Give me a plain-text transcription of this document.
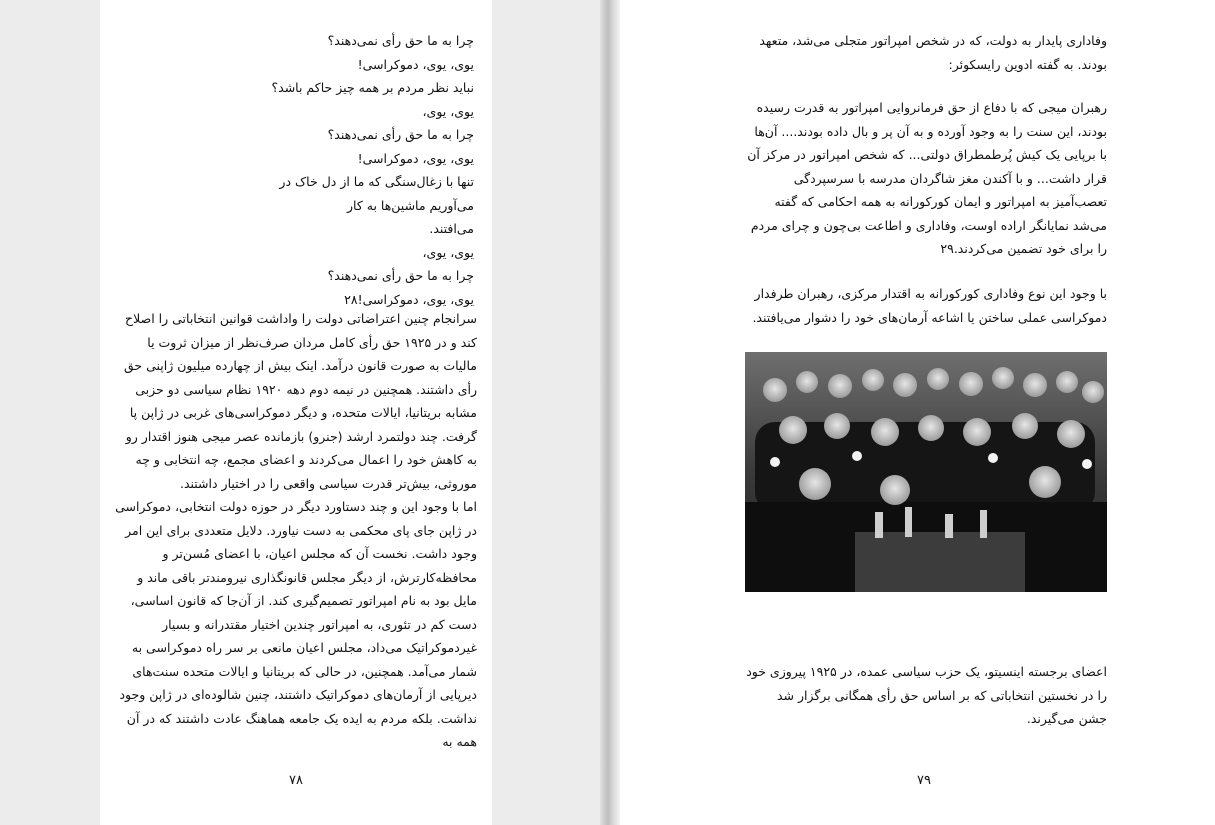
چرا به ما حق رأی نمی‌دهند؟

یوی، یوی، دموکراسی!

نباید نظر مردم بر همه چیز حاکم باشد؟

یوی، یوی،

چرا به ما حق رأی نمی‌دهند؟

یوی، یوی، دموکراسی!

تنها با زغال‌سنگی که ما از دل خاک در می‌آوریم ماشین‌ها به کار

می‌افتند.

یوی، یوی،

چرا به ما حق رأی نمی‌دهند؟

یوی، یوی، دموکراسی!۲۸

سرانجام چنین اعتراضاتی دولت را واداشت قوانین انتخاباتی را اصلاح کند و در ۱۹۲۵ حق رأی کامل مردان صرف‌نظر از میزان ثروت یا مالیات به صورت قانون درآمد. اینک بیش از چهارده میلیون ژاپنی حق رأی داشتند. همچنین در نیمه دوم دهه ۱۹۲۰ نظام سیاسی دو حزبی مشابه بریتانیا، ایالات متحده، و دیگر دموکراسی‌های غربی در ژاپن پا گرفت. چند دولتمرد ارشد (جنرو) بازمانده عصر میجی هنوز اقتدار رو به کاهش خود را اعمال می‌کردند و اعضای مجمع، چه انتخابی و چه موروثی، بیش‌تر قدرت سیاسی واقعی را در اختیار داشتند.

اما با وجود این و چند دستاورد دیگر در حوزه دولت انتخابی، دموکراسی در ژاپن جای پای محکمی به دست نیاورد. دلایل متعددی برای این امر وجود داشت. نخست آن که مجلس اعیان، با اعضای مُسن‌تر و محافظه‌کارترش، از دیگر مجلس قانونگذاری نیرومندتر باقی ماند و مایل بود به نام امپراتور تصمیم‌گیری کند. از آن‌جا که قانون اساسی، دست کم در تئوری، به امپراتور چندین اختیار مقتدرانه و بسیار غیردموکراتیک می‌داد، مجلس اعیان مانعی بر سر راه دموکراسی به شمار می‌آمد. همچنین، در حالی که بریتانیا و ایالات متحده سنت‌های دیرپایی از آرمان‌های دموکراتیک داشتند، چنین شالوده‌ای در ژاپن وجود نداشت. بلکه مردم به ایده یک جامعه هماهنگ عادت داشتند که در آن همه به

۷۸

وفاداری پایدار به دولت، که در شخص امپراتور متجلی می‌شد، متعهد بودند. به گفته ادوین رایسکوئر:

رهبران میجی که با دفاع از حق فرمانروایی امپراتور به قدرت رسیده بودند، این سنت را به وجود آورده و به آن پر و بال داده بودند.... آن‌ها با برپایی یک کیش پُرطمطراق دولتی... که شخص امپراتور در مرکز آن قرار داشت... و با آکندن مغز شاگردان مدرسه با سرسپردگی تعصب‌آمیز به امپراتور و ایمان کورکورانه به همه احکامی که گفته می‌شد نمایانگر اراده اوست، وفاداری و اطاعت بی‌چون و چرای مردم را برای خود تضمین می‌کردند.۲۹

با وجود این نوع وفاداری کورکورانه به اقتدار مرکزی، رهبران طرفدار دموکراسی عملی ساختن یا اشاعه آرمان‌های خود را دشوار می‌یافتند.

اعضای برجسته اینسیتو، یک حزب سیاسی عمده، در ۱۹۲۵ پیروزی خود را در نخستین انتخاباتی که بر اساس حق رأی همگانی برگزار شد جشن می‌گیرند.

۷۹
